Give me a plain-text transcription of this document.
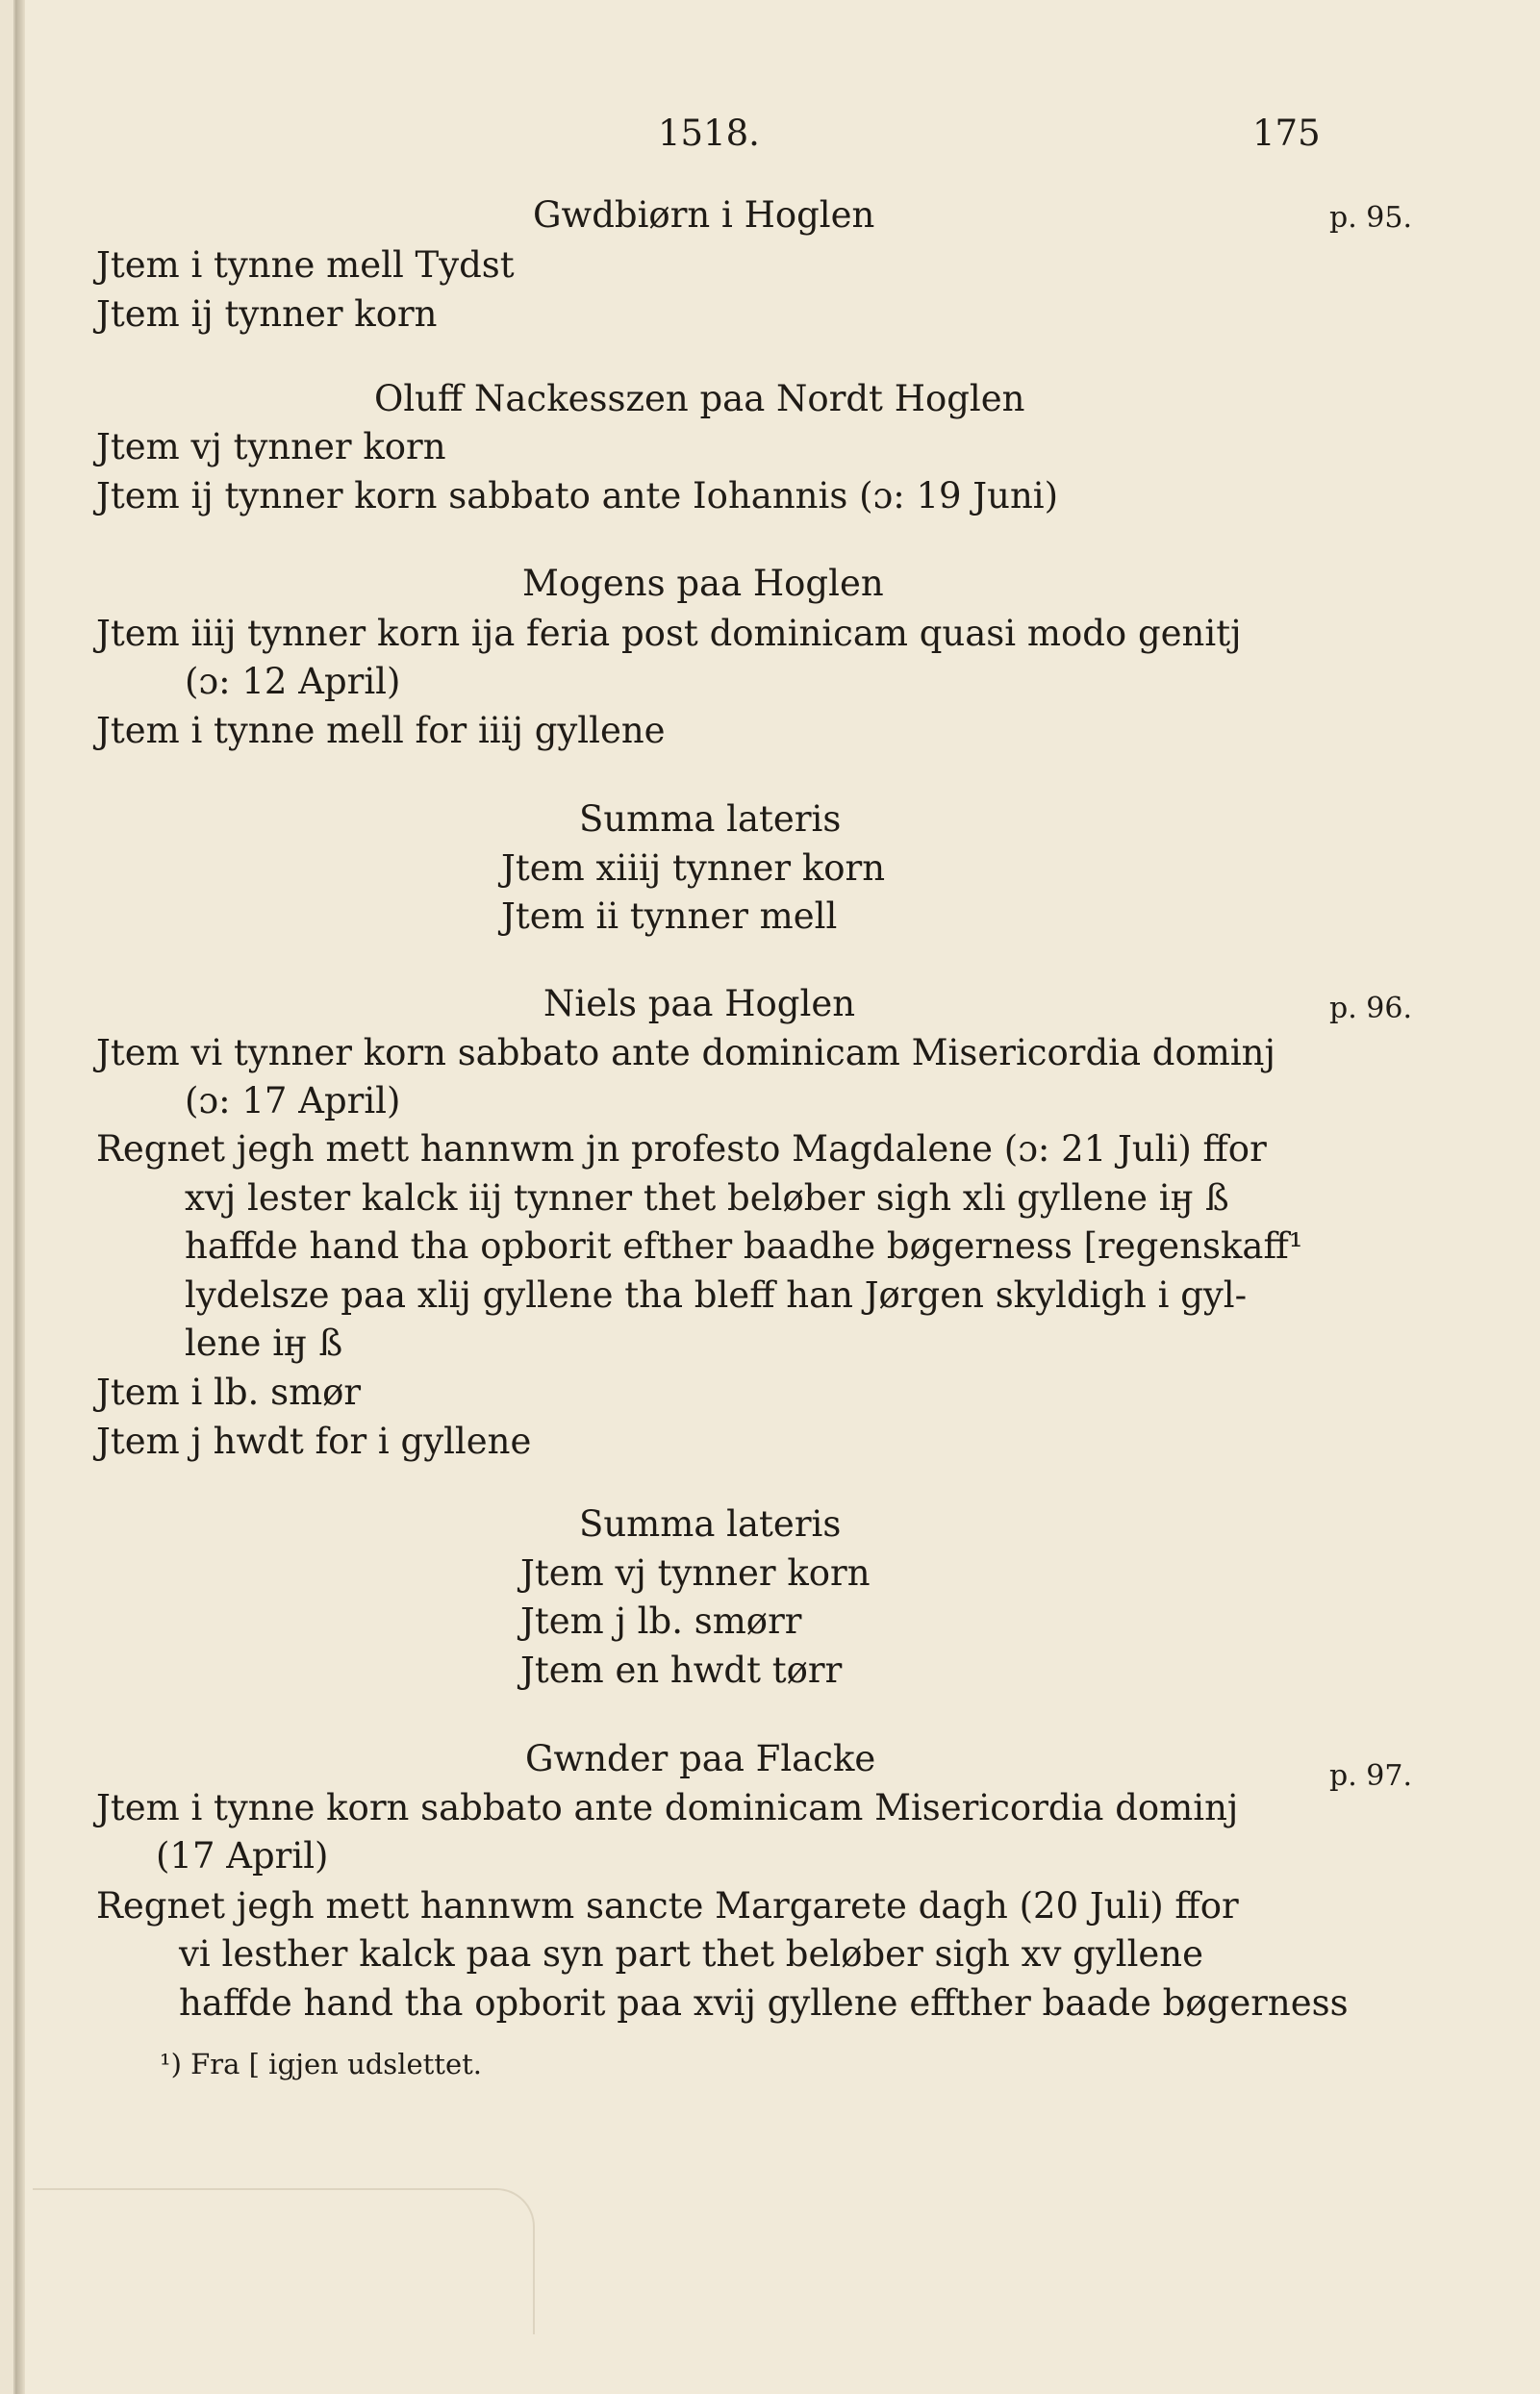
1518.	175
Gwdbiørn i Hoglen	p. 95.
Jtem i tynne mell Tydst
Jtem ij tynner korn
Oluff Nackesszen paa Nordt Hoglen
Jtem vj tynner korn
Jtem ij tynner korn sabbato ante Iohannis (ɔ: 19 Juni)
Mogens paa Hoglen
Jtem iiij tynner korn ija feria post dominicam quasi modo genitj
(ɔ: 12 April)
Jtem i tynne mell for iiij gyllene
Summa lateris
Jtem xiiij tynner korn
Jtem ii tynner mell
Niels paa Hoglen	p. 96.
Jtem vi tynner korn sabbato ante dominicam Misericordia dominj
(ɔ: 17 April)
Regnet jegh mett hannwm jn profesto Magdalene (ɔ: 21 Juli) ffor
xvj lester kalck iij tynner thet beløber sigh xli gyllene iӈ ß
haffde hand tha opborit efther baadhe bøgerness [regenskaff¹
lydelsze paa xlij gyllene tha bleff han Jørgen skyldigh i gyl-
lene iӈ ß
Jtem i lb. smør
Jtem j hwdt for i gyllene
Summa lateris
Jtem vj tynner korn
Jtem j lb. smørr
Jtem en hwdt tørr
Gwnder paa Flacke	p. 97.
Jtem i tynne korn sabbato ante dominicam Misericordia dominj
(17 April)
Regnet jegh mett hannwm sancte Margarete dagh (20 Juli) ffor
vi lesther kalck paa syn part thet beløber sigh xv gyllene
haffde hand tha opborit paa xvij gyllene effther baade bøgerness
¹) Fra [ igjen udslettet.
